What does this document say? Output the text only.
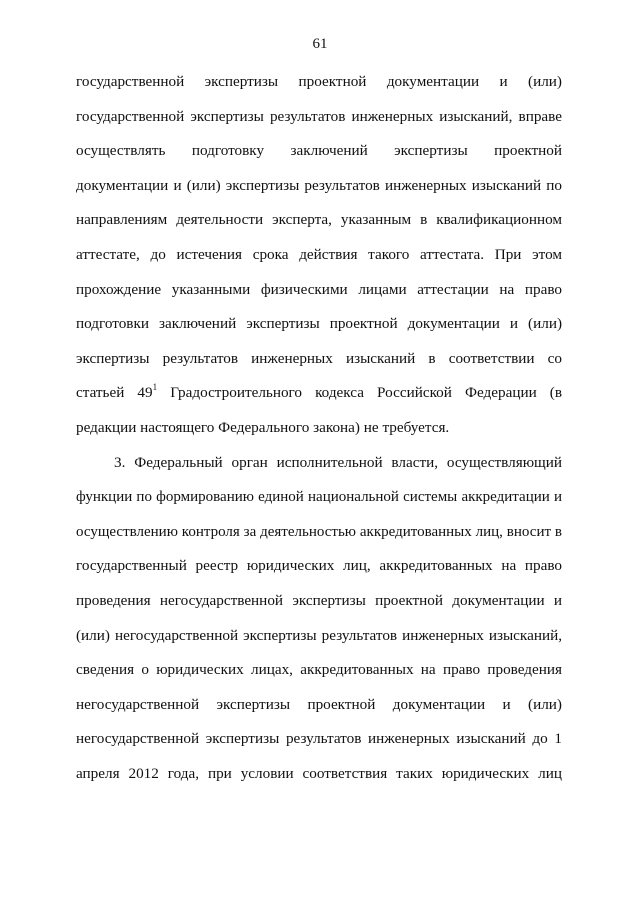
61
государственной экспертизы проектной документации и (или)
государственной экспертизы результатов инженерных изысканий, вправе
осуществлять подготовку заключений экспертизы проектной
документации и (или) экспертизы результатов инженерных изысканий по
направлениям деятельности эксперта, указанным в квалификационном
аттестате, до истечения срока действия такого аттестата. При этом
прохождение указанными физическими лицами аттестации на право
подготовки заключений экспертизы проектной документации и (или)
экспертизы результатов инженерных изысканий в соответствии со
статьей $49^1$ Градостроительного кодекса Российской Федерации (в
редакции настоящего Федерального закона) не требуется.
3. Федеральный орган исполнительной власти, осуществляющий
функции по формированию единой национальной системы аккредитации и
осуществлению контроля за деятельностью аккредитованных лиц, вносит в
государственный реестр юридических лиц, аккредитованных на право
проведения негосударственной экспертизы проектной документации и
(или) негосударственной экспертизы результатов инженерных изысканий,
сведения о юридических лицах, аккредитованных на право проведения
негосударственной экспертизы проектной документации и (или)
негосударственной экспертизы результатов инженерных изысканий до 1
апреля 2012 года, при условии соответствия таких юридических лиц
